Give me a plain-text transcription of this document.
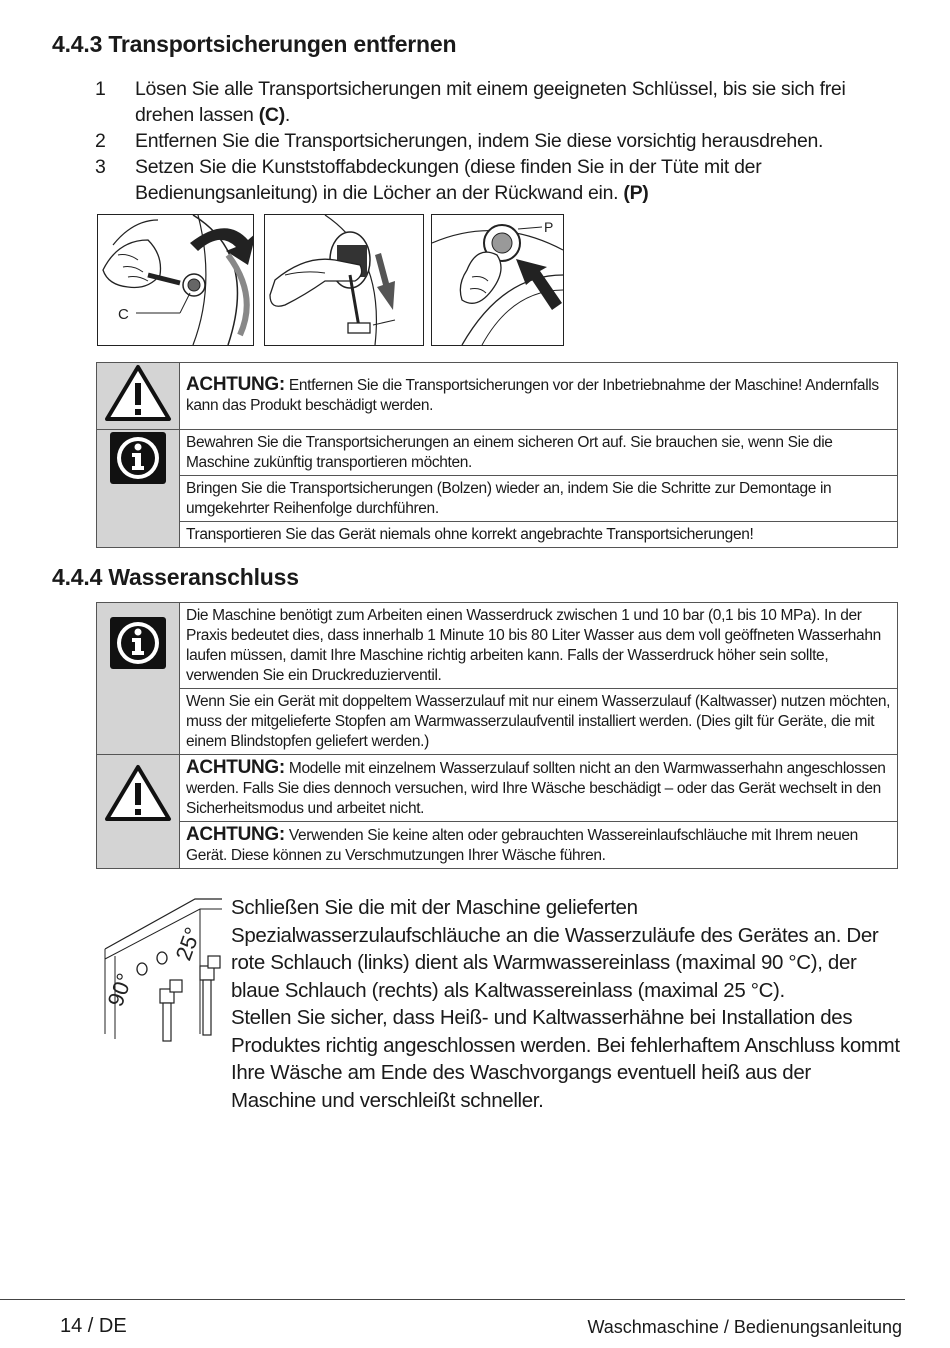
4.4.3 Transportsicherungen entfernen
1	Lösen Sie alle Transportsicherungen mit einem geeigneten Schlüssel, bis sie sich frei drehen lassen (C).
2	Entfernen Sie die Transportsicherungen, indem Sie diese vorsichtig herausdrehen.
3	Setzen Sie die Kunststoffabdeckungen (diese finden Sie in der Tüte mit der Bedienungsanleitung) in die Löcher an der Rückwand ein. (P)
C
P
	ACHTUNG: Entfernen Sie die Transportsicherungen vor der Inbetriebnahme der Maschine! Andernfalls kann das Produkt beschädigt werden.
	Bewahren Sie die Transportsicherungen an einem sicheren Ort auf. Sie brauchen sie, wenn Sie die Maschine zukünftig transportieren möchten.
	Bringen Sie die Transportsicherungen (Bolzen) wieder an, indem Sie die Schritte zur Demontage in umgekehrter Reihenfolge durchführen.
	Transportieren Sie das Gerät niemals ohne korrekt angebrachte Transportsicherungen!
4.4.4 Wasseranschluss
	Die Maschine benötigt zum Arbeiten einen Wasserdruck zwischen 1 und 10 bar (0,1 bis 10 MPa). In der Praxis bedeutet dies, dass innerhalb 1 Minute 10 bis 80 Liter Wasser aus dem voll geöffneten Wasserhahn laufen müssen, damit Ihre Maschine richtig arbeiten kann. Falls der Wasserdruck höher sein sollte, verwenden Sie ein Druckreduzierventil.
	Wenn Sie ein Gerät mit doppeltem Wasserzulauf mit nur einem Wasserzulauf (Kaltwasser) nutzen möchten, muss der mitgelieferte Stopfen am Warmwasserzulaufventil installiert werden. (Dies gilt für Geräte, die mit einem Blindstopfen geliefert werden.)
	ACHTUNG: Modelle mit einzelnem Wasserzulauf sollten nicht an den Warmwasserhahn angeschlossen werden. Falls Sie dies dennoch versuchen, wird Ihre Wäsche beschädigt – oder das Gerät wechselt in den Sicherheitsmodus und arbeitet nicht.
	ACHTUNG: Verwenden Sie keine alten oder gebrauchten Wassereinlaufschläuche mit Ihrem neuen Gerät. Diese können zu Verschmutzungen Ihrer Wäsche führen.
90°
25°
Schließen Sie die mit der Maschine gelieferten Spezialwasserzulaufschläuche an die Wasserzuläufe des Gerätes an. Der rote Schlauch (links) dient als Warmwassereinlass (maximal 90 °C), der blaue Schlauch (rechts) als Kaltwassereinlass (maximal 25 °C).
Stellen Sie sicher, dass Heiß- und Kaltwasserhähne bei Installation des Produktes richtig angeschlossen werden. Bei fehlerhaftem Anschluss kommt Ihre Wäsche am Ende des Waschvorgangs eventuell heiß aus der Maschine und verschleißt schneller.
14 / DE	Waschmaschine / Bedienungsanleitung
